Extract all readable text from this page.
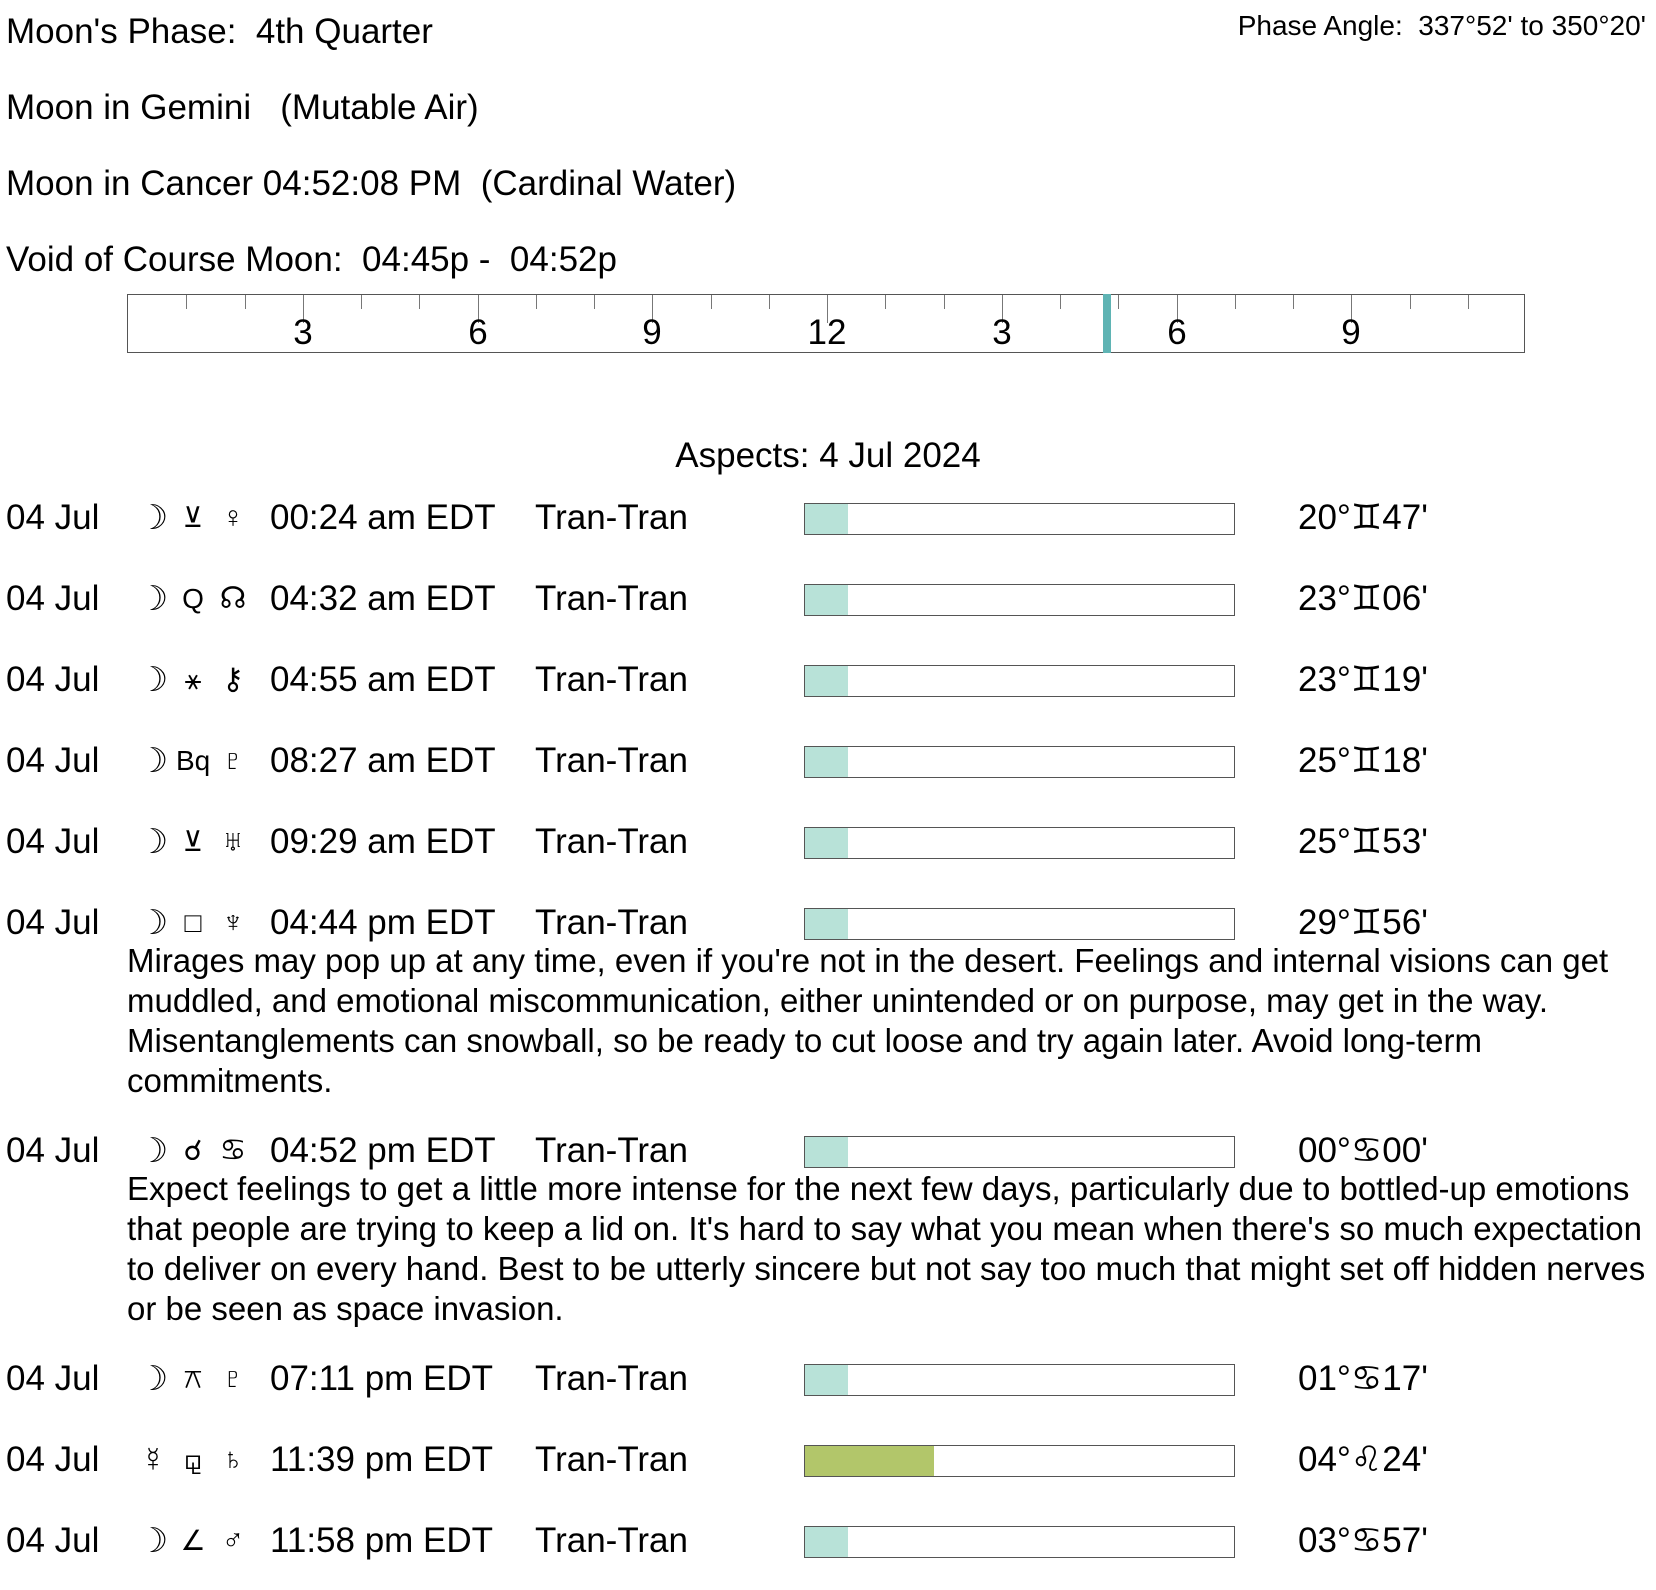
Moon's Phase:  4th Quarter	Phase Angle:  337°52' to 350°20'
Moon in Gemini   (Mutable Air)
Moon in Cancer 04:52:08 PM  (Cardinal Water)
Void of Course Moon:  04:45p -  04:52p
3	6	9	12	3	6	9
Aspects: 4 Jul 2024
04 Jul ☽ ⊻ ♀ 00:24 am EDT Tran-Tran	20°♊47'
04 Jul ☽ Q ☊ 04:32 am EDT Tran-Tran	23°♊06'
04 Jul ☽ ⚹ ⚷ 04:55 am EDT Tran-Tran	23°♊19'
04 Jul ☽ Bq ♇ 08:27 am EDT Tran-Tran	25°♊18'
04 Jul ☽ ⊻ ♅ 09:29 am EDT Tran-Tran	25°♊53'
04 Jul ☽ □ ♆ 04:44 pm EDT Tran-Tran	29°♊56'
Mirages may pop up at any time, even if you're not in the desert. Feelings and internal visions can get muddled, and emotional miscommunication, either unintended or on purpose, may get in the way. Misentanglements can snowball, so be ready to cut loose and try again later. Avoid long-term commitments.
04 Jul ☽ ☌ ♋ 04:52 pm EDT Tran-Tran	00°♋00'
Expect feelings to get a little more intense for the next few days, particularly due to bottled-up emotions that people are trying to keep a lid on. It's hard to say what you mean when there's so much expectation to deliver on every hand. Best to be utterly sincere but not say too much that might set off hidden nerves or be seen as space invasion.
04 Jul ☽ ⚻ ♇ 07:11 pm EDT Tran-Tran	01°♋17'
04 Jul ☿ ⚼ ♄ 11:39 pm EDT Tran-Tran	04°♌24'
04 Jul ☽ ∠ ♂ 11:58 pm EDT Tran-Tran	03°♋57'
